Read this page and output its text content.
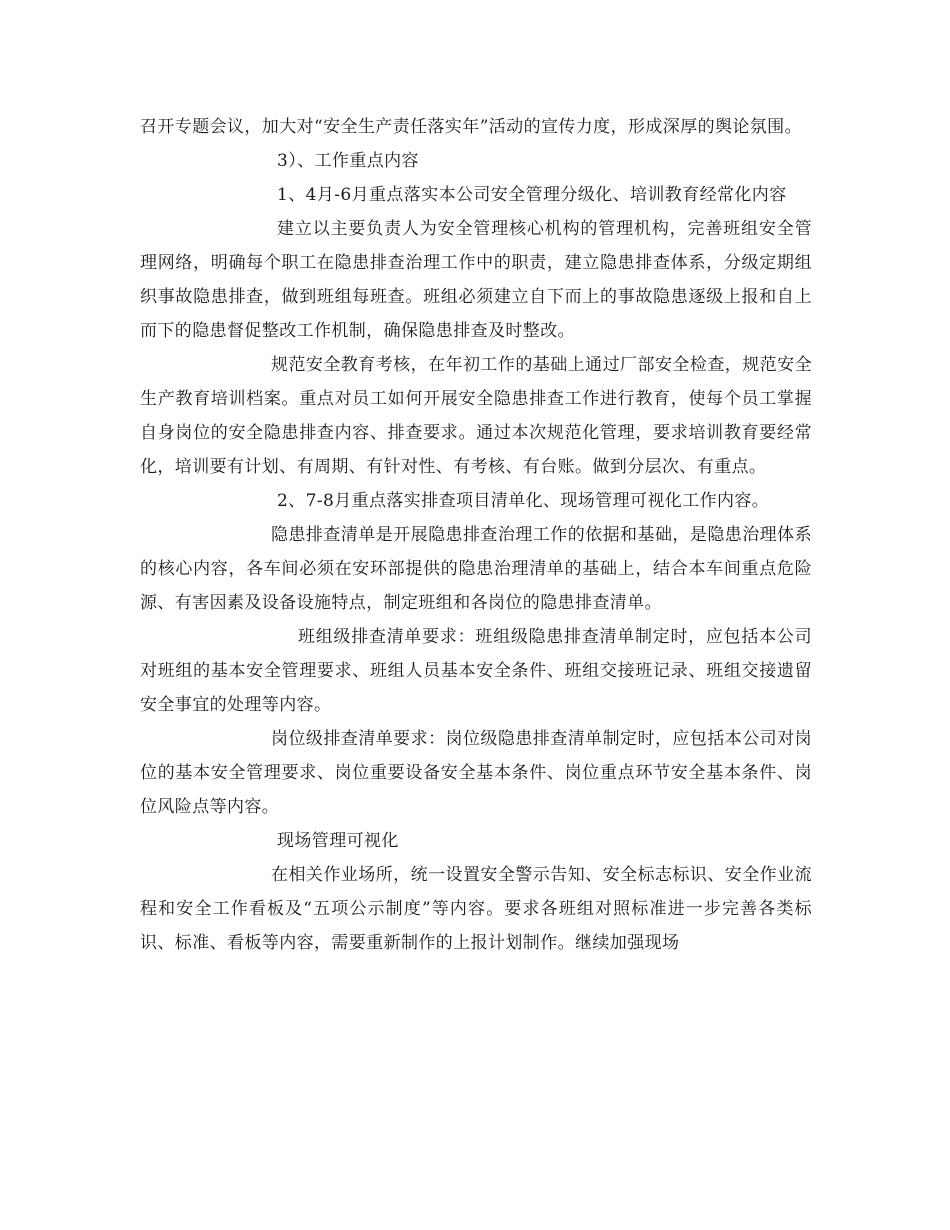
召开专题会议，加大对“安全生产责任落实年”活动的宣传力度，形成深厚的舆论氛围。

3）、工作重点内容

1、4月-6月重点落实本公司安全管理分级化、培训教育经常化内容

建立以主要负责人为安全管理核心机构的管理机构，完善班组安全管理网络，明确每个职工在隐患排查治理工作中的职责，建立隐患排查体系，分级定期组织事故隐患排查，做到班组每班查。班组必须建立自下而上的事故隐患逐级上报和自上而下的隐患督促整改工作机制，确保隐患排查及时整改。

规范安全教育考核，在年初工作的基础上通过厂部安全检查，规范安全生产教育培训档案。重点对员工如何开展安全隐患排查工作进行教育，使每个员工掌握自身岗位的安全隐患排查内容、排查要求。通过本次规范化管理，要求培训教育要经常化，培训要有计划、有周期、有针对性、有考核、有台账。做到分层次、有重点。

2、7-8月重点落实排查项目清单化、现场管理可视化工作内容。

隐患排查清单是开展隐患排查治理工作的依据和基础，是隐患治理体系的核心内容，各车间必须在安环部提供的隐患治理清单的基础上，结合本车间重点危险源、有害因素及设备设施特点，制定班组和各岗位的隐患排查清单。

班组级排查清单要求：班组级隐患排查清单制定时，应包括本公司对班组的基本安全管理要求、班组人员基本安全条件、班组交接班记录、班组交接遗留安全事宜的处理等内容。

岗位级排查清单要求：岗位级隐患排查清单制定时，应包括本公司对岗位的基本安全管理要求、岗位重要设备安全基本条件、岗位重点环节安全基本条件、岗位风险点等内容。

现场管理可视化

在相关作业场所，统一设置安全警示告知、安全标志标识、安全作业流程和安全工作看板及“五项公示制度”等内容。要求各班组对照标准进一步完善各类标识、标准、看板等内容，需要重新制作的上报计划制作。继续加强现场
